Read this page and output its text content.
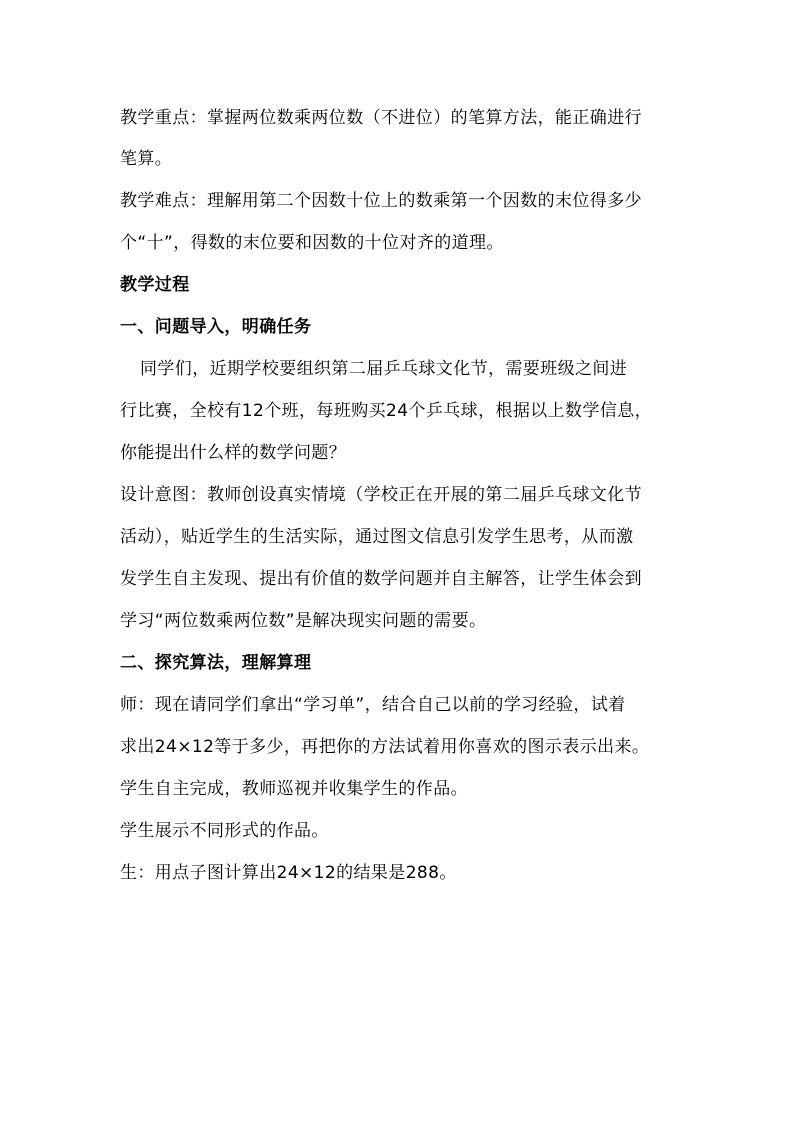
教学重点：掌握两位数乘两位数（不进位）的笔算方法，能正确进行
笔算。
教学难点：理解用第二个因数十位上的数乘第一个因数的末位得多少
个“十”，得数的末位要和因数的十位对齐的道理。
教学过程
一、问题导入，明确任务
同学们，近期学校要组织第二届乒乓球文化节，需要班级之间进
行比赛，全校有12个班，每班购买24个乒乓球，根据以上数学信息，
你能提出什么样的数学问题？
设计意图：教师创设真实情境（学校正在开展的第二届乒乓球文化节
活动），贴近学生的生活实际，通过图文信息引发学生思考，从而激
发学生自主发现、提出有价值的数学问题并自主解答，让学生体会到
学习“两位数乘两位数”是解决现实问题的需要。
二、探究算法，理解算理
师：现在请同学们拿出“学习单”，结合自己以前的学习经验，试着
求出24×12等于多少，再把你的方法试着用你喜欢的图示表示出来。
学生自主完成，教师巡视并收集学生的作品。
学生展示不同形式的作品。
生：用点子图计算出24×12的结果是288。
